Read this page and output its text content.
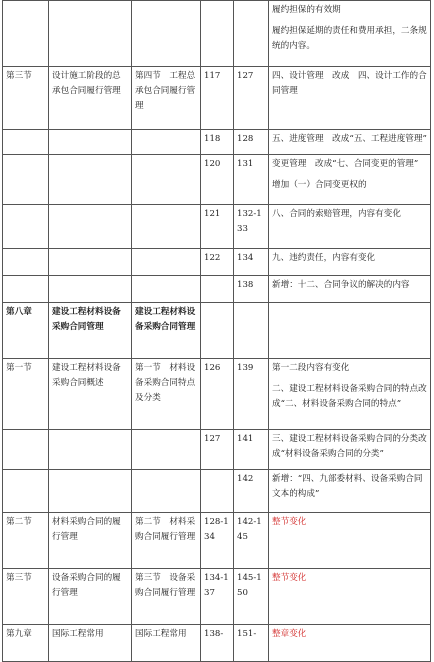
					履约担保的有效期
履约担保延期的责任和费用承担，二条规统的内容。

第三节	设计施工阶段的总承包合同履行管理	第四节　工程总承包合同履行管理	117	127	四、设计管理　改成　四、设计工作的合同管理

			118	128	五、进度管理　改成“五、工程进度管理”

			120	131	变更管理　改成“七、合同变更的管理”
增加（一）合同变更权的

			121	132-133	八、合同的索赔管理，内容有变化

			122	134	九、违约责任，内容有变化

				138	新增：十二、合同争议的解决的内容

第八章	建设工程材料设备采购合同管理	建设工程材料设备采购合同管理			
第一节	建设工程材料设备采购合同概述	第一节　材料设备采购合同特点及分类	126	139	第一二段内容有变化
二、建设工程材料设备采购合同的特点改成“二、材料设备采购合同的特点”

			127	141	三、建设工程材料设备采购合同的分类改成“材料设备采购合同的分类”

				142	新增：“四、九部委材料、设备采购合同文本的构成”

第二节	材料采购合同的履行管理	第二节　材料采购合同履行管理	128-134	142-145	整节变化

第三节	设备采购合同的履行管理	第三节　设备采购合同履行管理	134-137	145-150	整节变化

第九章	国际工程常用	国际工程常用	138-	151-	整章变化
